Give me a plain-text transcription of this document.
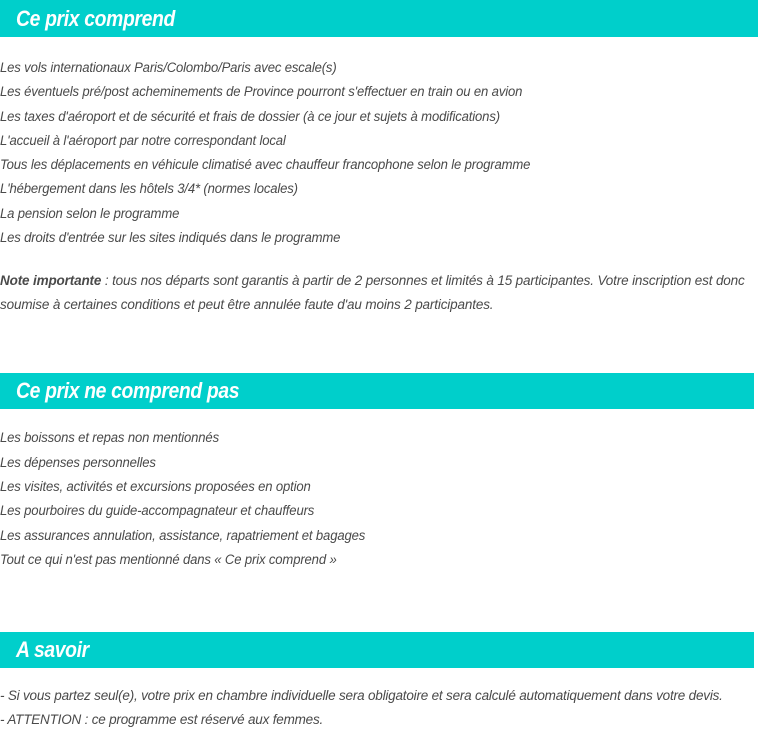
Ce prix comprend
Les vols internationaux Paris/Colombo/Paris avec escale(s)
Les éventuels pré/post acheminements de Province pourront s'effectuer en train ou en avion
Les taxes d'aéroport et de sécurité et frais de dossier (à ce jour et sujets à modifications)
L'accueil à l'aéroport par notre correspondant local
Tous les déplacements en véhicule climatisé avec chauffeur francophone selon le programme
L'hébergement dans les hôtels 3/4* (normes locales)
La pension selon le programme
Les droits d'entrée sur les sites indiqués dans le programme

Note importante : tous nos départs sont garantis à partir de 2 personnes et limités à 15 participantes. Votre inscription est donc soumise à certaines conditions et peut être annulée faute d'au moins 2 participantes.

Ce prix ne comprend pas
Les boissons et repas non mentionnés
Les dépenses personnelles
Les visites, activités et excursions proposées en option
Les pourboires du guide-accompagnateur et chauffeurs
Les assurances annulation, assistance, rapatriement et bagages
Tout ce qui n'est pas mentionné dans « Ce prix comprend »
A savoir

- Si vous partez seul(e), votre prix en chambre individuelle sera obligatoire et sera calculé automatiquement dans votre devis.

- ATTENTION : ce programme est réservé aux femmes.
